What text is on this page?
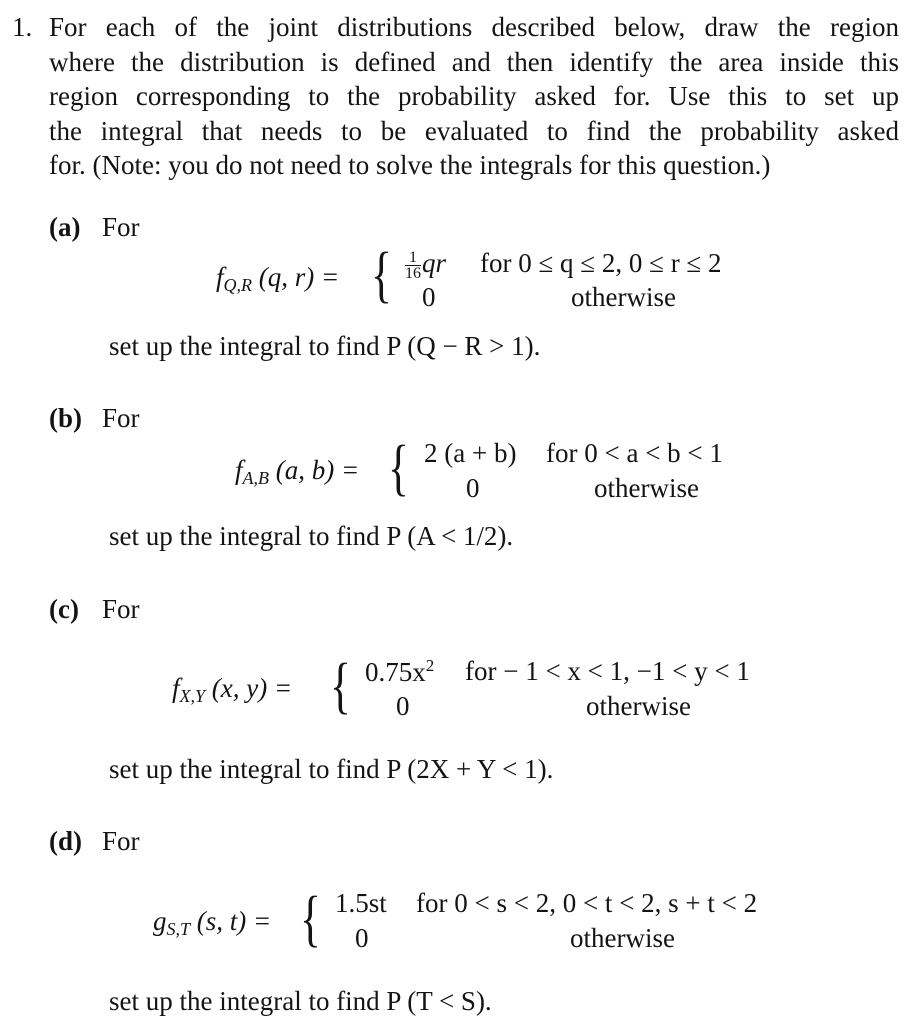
1. For each of the joint distributions described below, draw the region
where the distribution is defined and then identify the area inside this
region corresponding to the probability asked for. Use this to set up
the integral that needs to be evaluated to find the probability asked
for. (Note: you do not need to solve the integrals for this question.)
(a) For
$f_{Q,R}$ (q, r) = { $\frac{1}{16}$ qr for 0 ≤ q ≤ 2, 0 ≤ r ≤ 2
0	otherwise
set up the integral to find P (Q − R > 1).
(b) For
$f_{A,B}$ (a, b) = { 2 (a + b) for 0 < a < b < 1
0	otherwise
set up the integral to find P (A < 1/2).
(c) For
$f_{X,Y}$ (x, y) = { $0.75x^2$ for − 1 < x < 1, −1 < y < 1
0	otherwise
set up the integral to find P (2X + Y < 1).
(d) For
$g_{S,T}$ (s, t) = { 1.5st for 0 < s < 2, 0 < t < 2, s + t < 2
0	otherwise
set up the integral to find P (T < S).
